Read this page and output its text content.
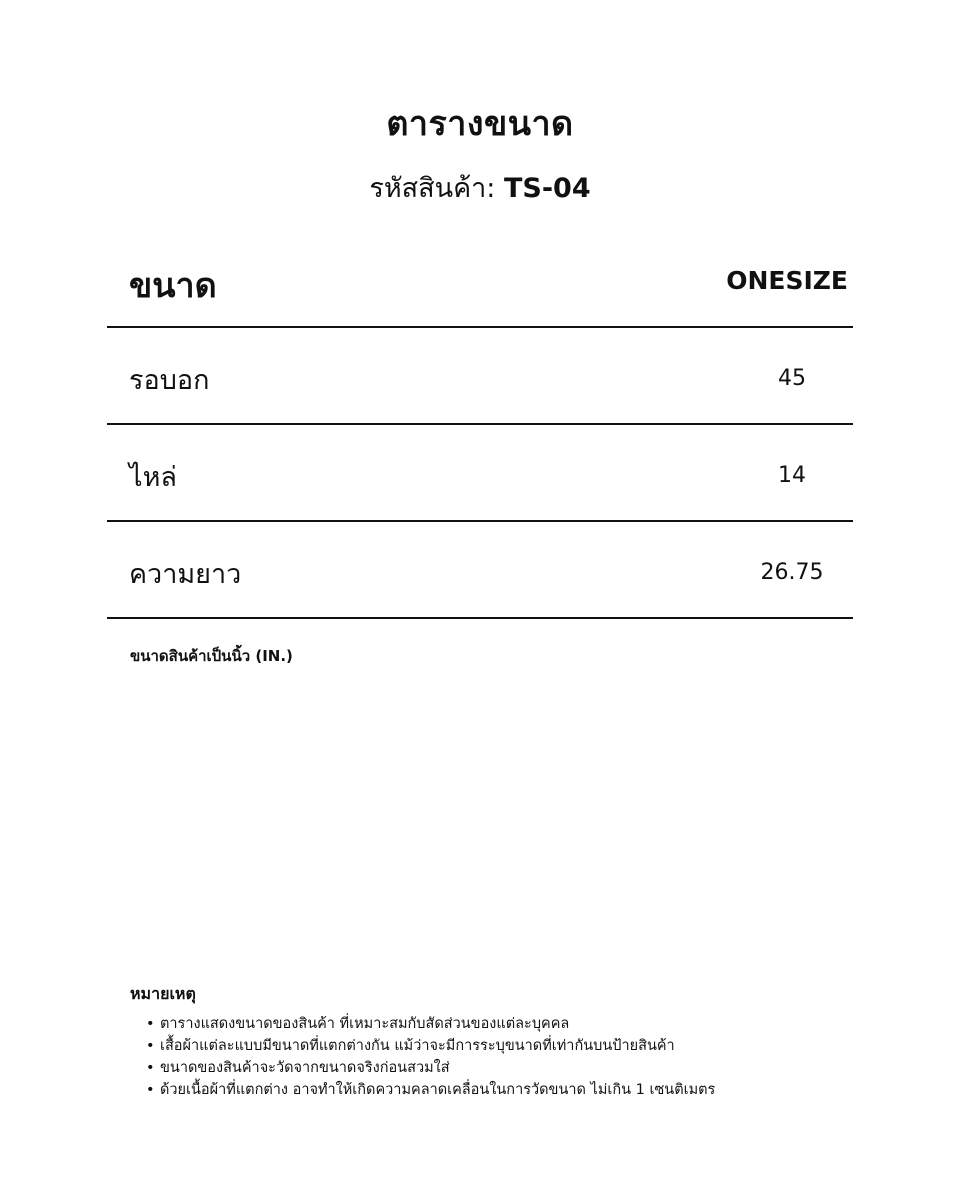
ตารางขนาด
รหัสสินค้า: TS-04
ขนาด	ONESIZE
รอบอก	45
ไหล่	14
ความยาว	26.75
ขนาดสินค้าเป็นนิ้ว (IN.)
หมายเหตุ
• ตารางแสดงขนาดของสินค้า ที่เหมาะสมกับสัดส่วนของแต่ละบุคคล
• เสื้อผ้าแต่ละแบบมีขนาดที่แตกต่างกัน แม้ว่าจะมีการระบุขนาดที่เท่ากันบนป้ายสินค้า
• ขนาดของสินค้าจะวัดจากขนาดจริงก่อนสวมใส่
• ด้วยเนื้อผ้าที่แตกต่าง อาจทำให้เกิดความคลาดเคลื่อนในการวัดขนาด ไม่เกิน 1 เซนติเมตร
